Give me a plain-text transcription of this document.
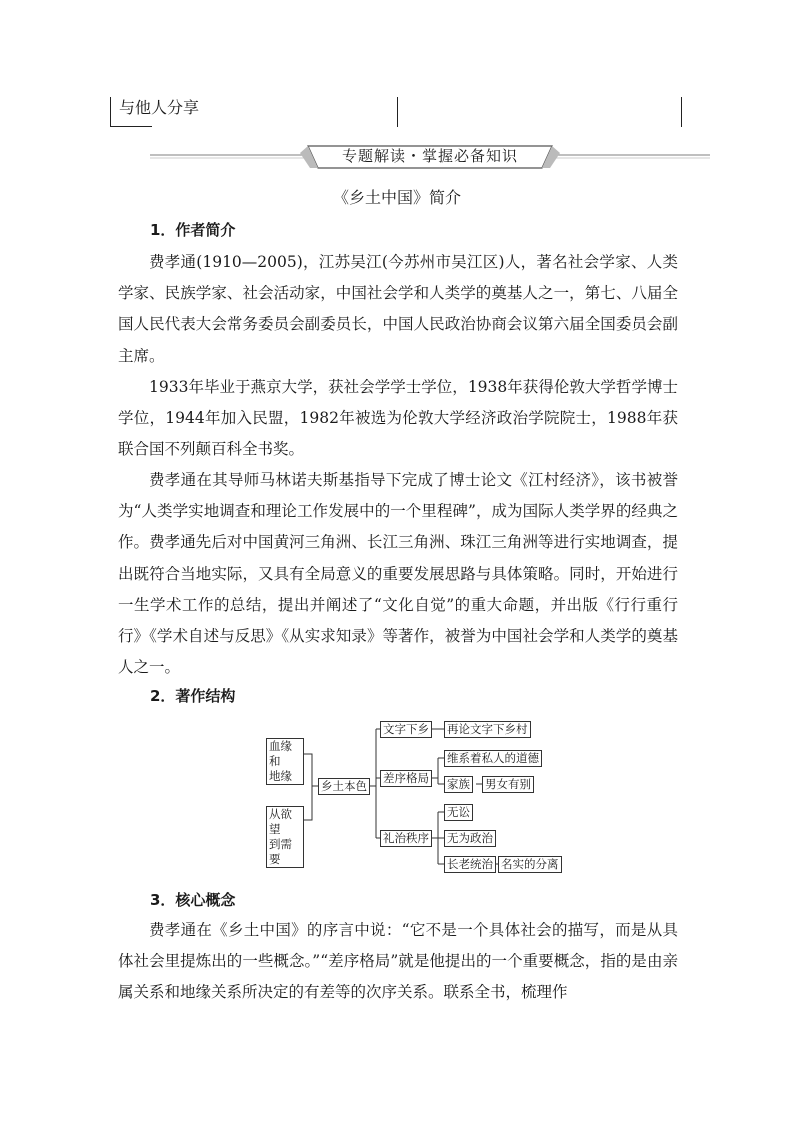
与他人分享
专题解读・掌握必备知识
《乡土中国》简介
1．作者简介

费孝通(1910—2005)，江苏吴江(今苏州市吴江区)人，著名社会学家、人类学家、民族学家、社会活动家，中国社会学和人类学的奠基人之一，第七、八届全国人民代表大会常务委员会副委员长，中国人民政治协商会议第六届全国委员会副主席。

1933年毕业于燕京大学，获社会学学士学位，1938年获得伦敦大学哲学博士学位，1944年加入民盟，1982年被选为伦敦大学经济政治学院院士，1988年获联合国不列颠百科全书奖。

费孝通在其导师马林诺夫斯基指导下完成了博士论文《江村经济》，该书被誉为“人类学实地调查和理论工作发展中的一个里程碑”，成为国际人类学界的经典之作。费孝通先后对中国黄河三角洲、长江三角洲、珠江三角洲等进行实地调查，提出既符合当地实际，又具有全局意义的重要发展思路与具体策略。同时，开始进行一生学术工作的总结，提出并阐述了“文化自觉”的重大命题，并出版《行行重行行》《学术自述与反思》《从实求知录》等著作，被誉为中国社会学和人类学的奠基人之一。

2．著作结构
血缘和
地缘
从欲望
到需要
乡土本色
文字下乡 再论文字下乡村
差序格局
维系着私人的道德
家族 男女有别
礼治秩序
无讼
无为政治
长老统治 名实的分离
3．核心概念

费孝通在《乡土中国》的序言中说：“它不是一个具体社会的描写，而是从具体社会里提炼出的一些概念。”“差序格局”就是他提出的一个重要概念，指的是由亲属关系和地缘关系所决定的有差等的次序关系。联系全书，梳理作
